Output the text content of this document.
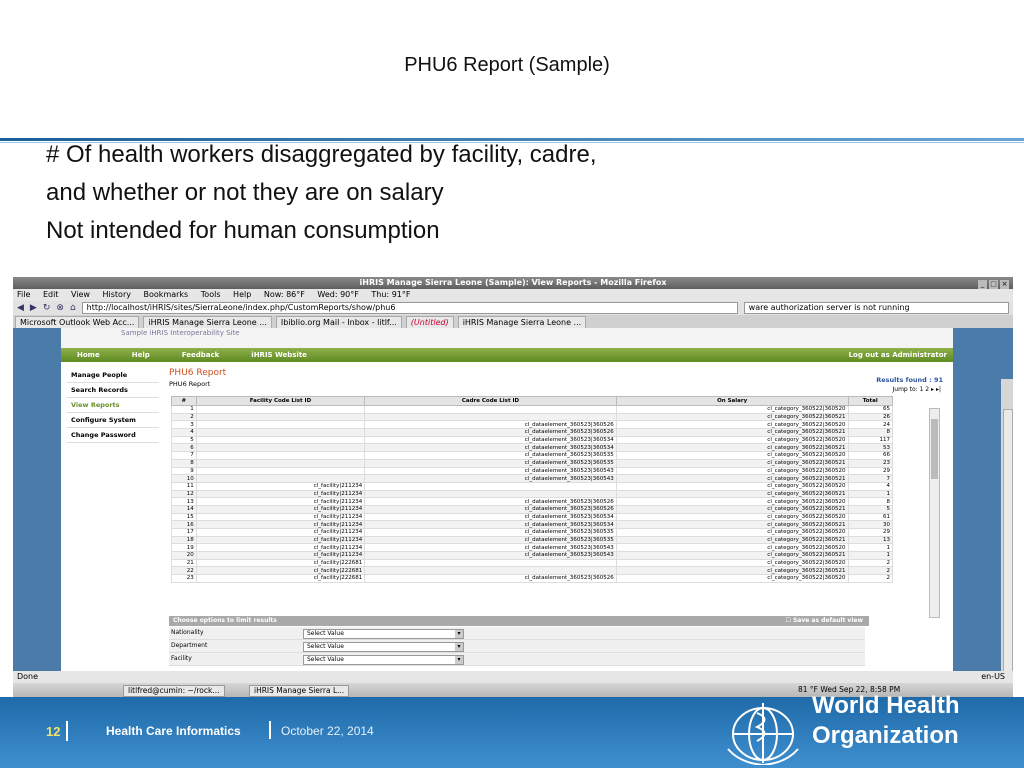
PHU6 Report (Sample)
# Of health workers disaggregated by facility, cadre,
and whether or not they are on salary
Not intended for human consumption
iHRIS Manage Sierra Leone (Sample): View Reports - Mozilla Firefox	_ □ ×
File Edit View History Bookmarks Tools Help Now: 86°F Wed: 90°F Thu: 91°F
◀ ▶ ↻ ⊗ ⌂	http://localhost/iHRIS/sites/SierraLeone/index.php/CustomReports/show/phu6	ware authorization server is not running
Microsoft Outlook Web Acc...	iHRIS Manage Sierra Leone ...	Ibiblio.org Mail - Inbox - litlf...	(Untitled)	iHRIS Manage Sierra Leone ...
Sample iHRIS Interoperability Site
Home	Help	Feedback	iHRIS Website	Log out as Administrator
Manage People
Search Records
View Reports
Configure System
Change Password
PHU6 Report
PHU6 Report	Results found : 91
Jump to: 1 2 ▸ ▸|
#	Facility Code List ID	Cadre Code List ID	On Salary	Total
1			cl_category_360522|360520	65
2			cl_category_360522|360521	26
3		cl_dataelement_360523|360526	cl_category_360522|360520	24
4		cl_dataelement_360523|360526	cl_category_360522|360521	8
5		cl_dataelement_360523|360534	cl_category_360522|360520	117
6		cl_dataelement_360523|360534	cl_category_360522|360521	53
7		cl_dataelement_360523|360535	cl_category_360522|360520	66
8		cl_dataelement_360523|360535	cl_category_360522|360521	23
9		cl_dataelement_360523|360543	cl_category_360522|360520	29
10		cl_dataelement_360523|360543	cl_category_360522|360521	7
11	cl_facility|211234		cl_category_360522|360520	4
12	cl_facility|211234		cl_category_360522|360521	1
13	cl_facility|211234	cl_dataelement_360523|360526	cl_category_360522|360520	8
14	cl_facility|211234	cl_dataelement_360523|360526	cl_category_360522|360521	5
15	cl_facility|211234	cl_dataelement_360523|360534	cl_category_360522|360520	61
16	cl_facility|211234	cl_dataelement_360523|360534	cl_category_360522|360521	30
17	cl_facility|211234	cl_dataelement_360523|360535	cl_category_360522|360520	29
18	cl_facility|211234	cl_dataelement_360523|360535	cl_category_360522|360521	13
19	cl_facility|211234	cl_dataelement_360523|360543	cl_category_360522|360520	1
20	cl_facility|211234	cl_dataelement_360523|360543	cl_category_360522|360521	1
21	cl_facility|222681		cl_category_360522|360520	2
22	cl_facility|222681		cl_category_360522|360521	2
23	cl_facility|222681	cl_dataelement_360523|360526	cl_category_360522|360520	2
Choose options to limit results	☐ Save as default view
Nationality	Select Value ▾
Department	Select Value ▾
Facility	Select Value ▾
Done	en-US
litlfred@cumin: ~/rock...	iHRIS Manage Sierra L...	81 °F Wed Sep 22, 8:58 PM
12	Health Care Informatics	October 22, 2014
World Health
Organization
